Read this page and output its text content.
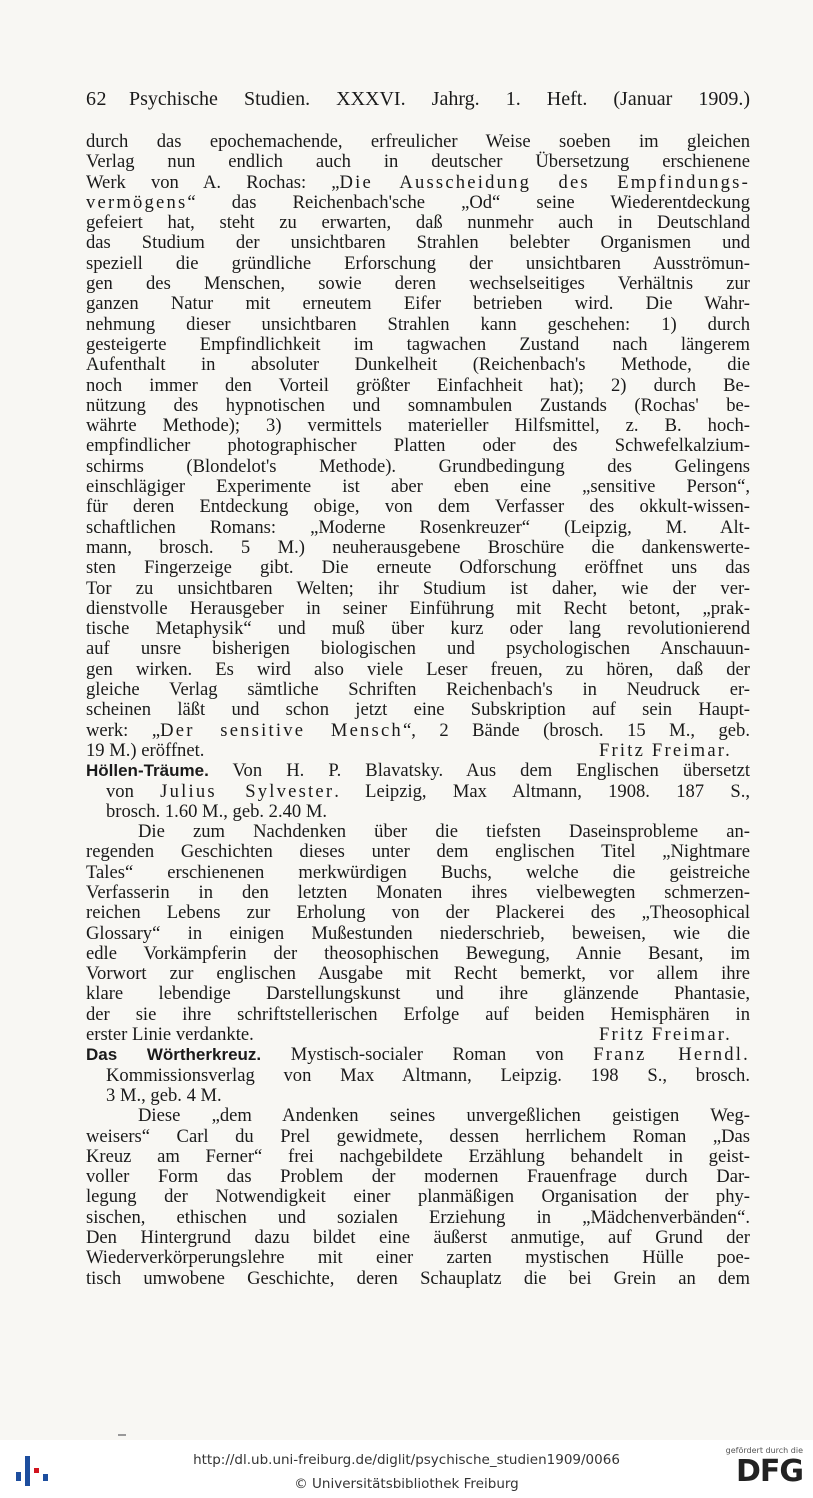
62 Psychische Studien. XXXVI. Jahrg. 1. Heft. (Januar 1909.)
durch das epochemachende, erfreulicher Weise soeben im gleichen
Verlag nun endlich auch in deutscher Übersetzung erschienene
Werk von A. Rochas: „Die Ausscheidung des Empfindungs-
vermögens“ das Reichenbach'sche „Od“ seine Wiederentdeckung
gefeiert hat, steht zu erwarten, daß nunmehr auch in Deutschland
das Studium der unsichtbaren Strahlen belebter Organismen und
speziell die gründliche Erforschung der unsichtbaren Ausströmun-
gen des Menschen, sowie deren wechselseitiges Verhältnis zur
ganzen Natur mit erneutem Eifer betrieben wird. Die Wahr-
nehmung dieser unsichtbaren Strahlen kann geschehen: 1) durch
gesteigerte Empfindlichkeit im tagwachen Zustand nach längerem
Aufenthalt in absoluter Dunkelheit (Reichenbach's Methode, die
noch immer den Vorteil größter Einfachheit hat); 2) durch Be-
nützung des hypnotischen und somnambulen Zustands (Rochas' be-
währte Methode); 3) vermittels materieller Hilfsmittel, z. B. hoch-
empfindlicher photographischer Platten oder des Schwefelkalzium-
schirms (Blondelot's Methode). Grundbedingung des Gelingens
einschlägiger Experimente ist aber eben eine „sensitive Person“,
für deren Entdeckung obige, von dem Verfasser des okkult-wissen-
schaftlichen Romans: „Moderne Rosenkreuzer“ (Leipzig, M. Alt-
mann, brosch. 5 M.) neuherausgebene Broschüre die dankenswerte-
sten Fingerzeige gibt. Die erneute Odforschung eröffnet uns das
Tor zu unsichtbaren Welten; ihr Studium ist daher, wie der ver-
dienstvolle Herausgeber in seiner Einführung mit Recht betont, „prak-
tische Metaphysik“ und muß über kurz oder lang revolutionierend
auf unsre bisherigen biologischen und psychologischen Anschauun-
gen wirken. Es wird also viele Leser freuen, zu hören, daß der
gleiche Verlag sämtliche Schriften Reichenbach's in Neudruck er-
scheinen läßt und schon jetzt eine Subskription auf sein Haupt-
werk: „Der sensitive Mensch“, 2 Bände (brosch. 15 M., geb.
19 M.) eröffnet.	Fritz Freimar.
Höllen-Träume. Von H. P. Blavatsky. Aus dem Englischen übersetzt
von Julius Sylvester. Leipzig, Max Altmann, 1908. 187 S.,
brosch. 1.60 M., geb. 2.40 M.
Die zum Nachdenken über die tiefsten Daseinsprobleme an-
regenden Geschichten dieses unter dem englischen Titel „Nightmare
Tales“ erschienenen merkwürdigen Buchs, welche die geistreiche
Verfasserin in den letzten Monaten ihres vielbewegten schmerzen-
reichen Lebens zur Erholung von der Plackerei des „Theosophical
Glossary“ in einigen Mußestunden niederschrieb, beweisen, wie die
edle Vorkämpferin der theosophischen Bewegung, Annie Besant, im
Vorwort zur englischen Ausgabe mit Recht bemerkt, vor allem ihre
klare lebendige Darstellungskunst und ihre glänzende Phantasie,
der sie ihre schriftstellerischen Erfolge auf beiden Hemisphären in
erster Linie verdankte.	Fritz Freimar.
Das Wörtherkreuz. Mystisch-socialer Roman von Franz Herndl.
Kommissionsverlag von Max Altmann, Leipzig. 198 S., brosch.
3 M., geb. 4 M.
Diese „dem Andenken seines unvergeßlichen geistigen Weg-
weisers“ Carl du Prel gewidmete, dessen herrlichem Roman „Das
Kreuz am Ferner“ frei nachgebildete Erzählung behandelt in geist-
voller Form das Problem der modernen Frauenfrage durch Dar-
legung der Notwendigkeit einer planmäßigen Organisation der phy-
sischen, ethischen und sozialen Erziehung in „Mädchenverbänden“.
Den Hintergrund dazu bildet eine äußerst anmutige, auf Grund der
Wiederverkörperungslehre mit einer zarten mystischen Hülle poe-
tisch umwobene Geschichte, deren Schauplatz die bei Grein an dem
http://dl.ub.uni-freiburg.de/diglit/psychische_studien1909/0066
© Universitätsbibliothek Freiburg
gefördert durch die
DFG
